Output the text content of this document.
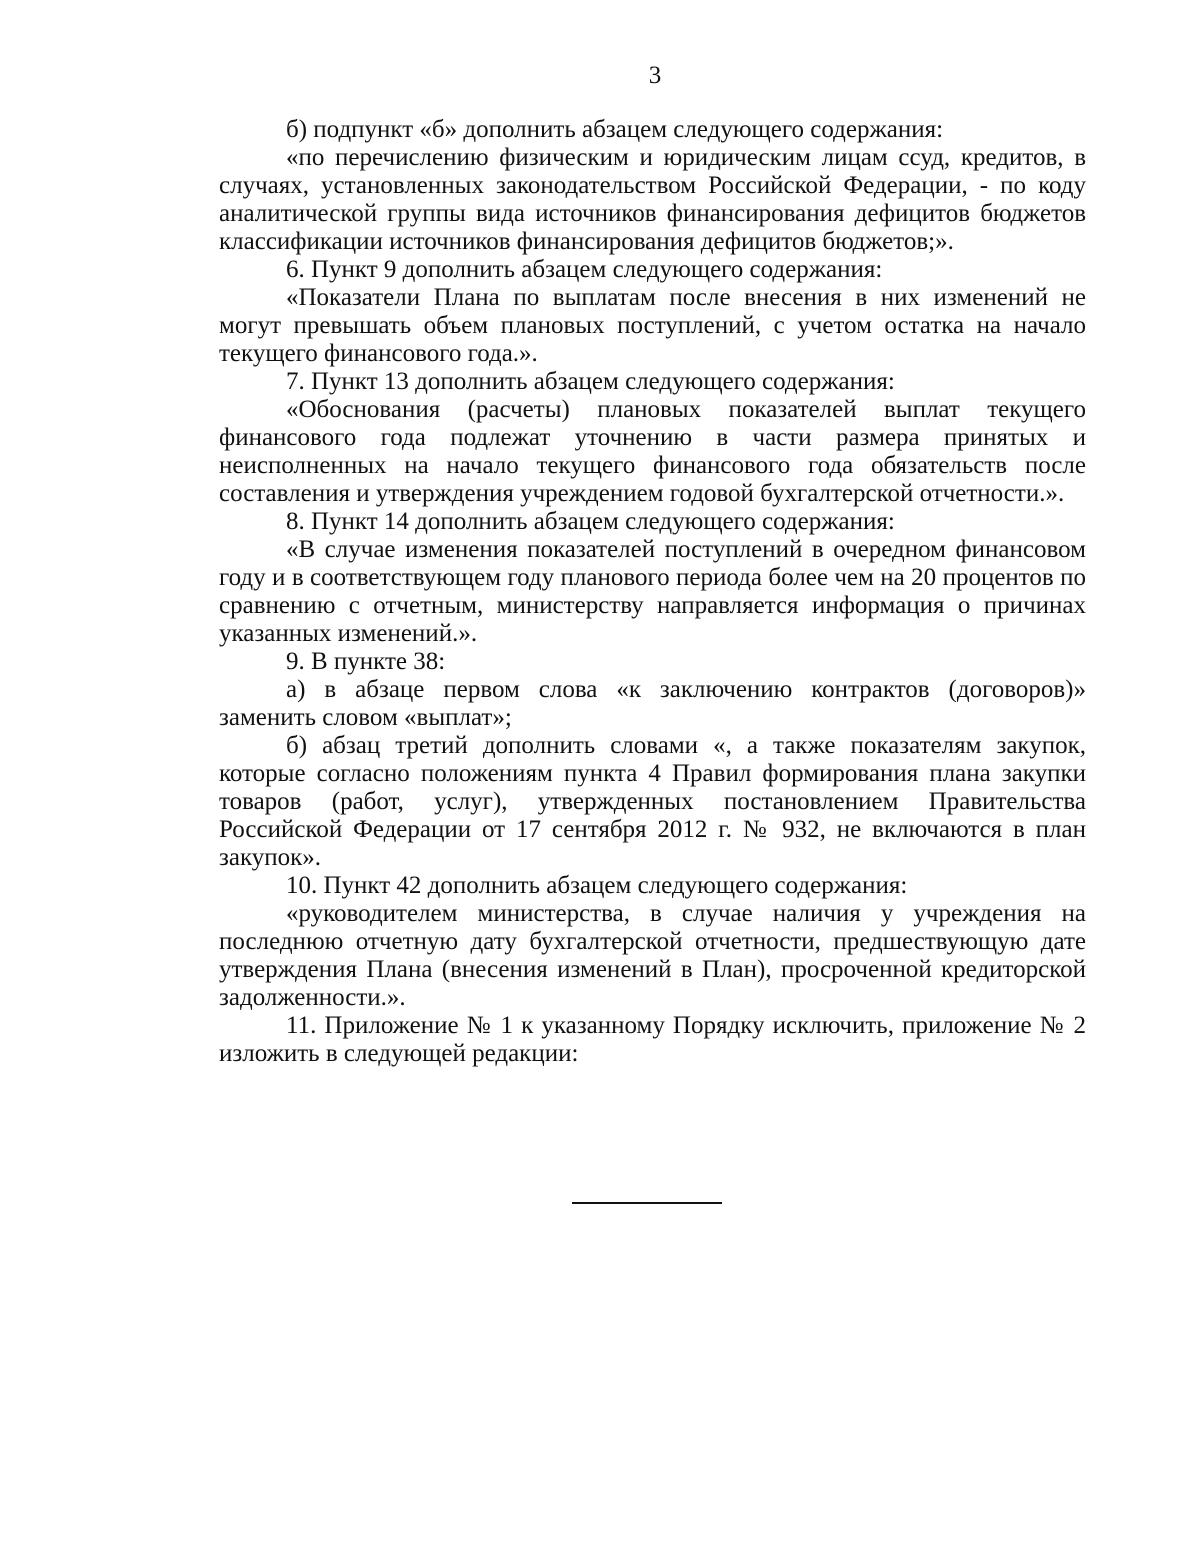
3

б) подпункт «б» дополнить абзацем следующего содержания:

«по перечислению физическим и юридическим лицам ссуд, кредитов, в случаях, установленных законодательством Российской Федерации, - по коду аналитической группы вида источников финансирования дефицитов бюджетов классификации источников финансирования дефицитов бюджетов;».

6. Пункт 9 дополнить абзацем следующего содержания:

«Показатели Плана по выплатам после внесения в них изменений не могут превышать объем плановых поступлений, с учетом остатка на начало текущего финансового года.».

7. Пункт 13 дополнить абзацем следующего содержания:

«Обоснования (расчеты) плановых показателей выплат текущего финансового года подлежат уточнению в части размера принятых и неисполненных на начало текущего финансового года обязательств после составления и утверждения учреждением годовой бухгалтерской отчетности.».

8. Пункт 14 дополнить абзацем следующего содержания:

«В случае изменения показателей поступлений в очередном финансовом году и в соответствующем году планового периода более чем на 20 процентов по сравнению с отчетным, министерству направляется информация о причинах указанных изменений.».

9. В пункте 38:

а) в абзаце первом слова «к заключению контрактов (договоров)» заменить словом «выплат»;

б) абзац третий дополнить словами «, а также показателям закупок, которые согласно положениям пункта 4 Правил формирования плана закупки товаров (работ, услуг), утвержденных постановлением Правительства Российской Федерации от 17 сентября 2012 г. № 932, не включаются в план закупок».

10. Пункт 42 дополнить абзацем следующего содержания:

«руководителем министерства, в случае наличия у учреждения на последнюю отчетную дату бухгалтерской отчетности, предшествующую дате утверждения Плана (внесения изменений в План), просроченной кредиторской задолженности.».

11. Приложение № 1 к указанному Порядку исключить, приложение № 2 изложить в следующей редакции:
